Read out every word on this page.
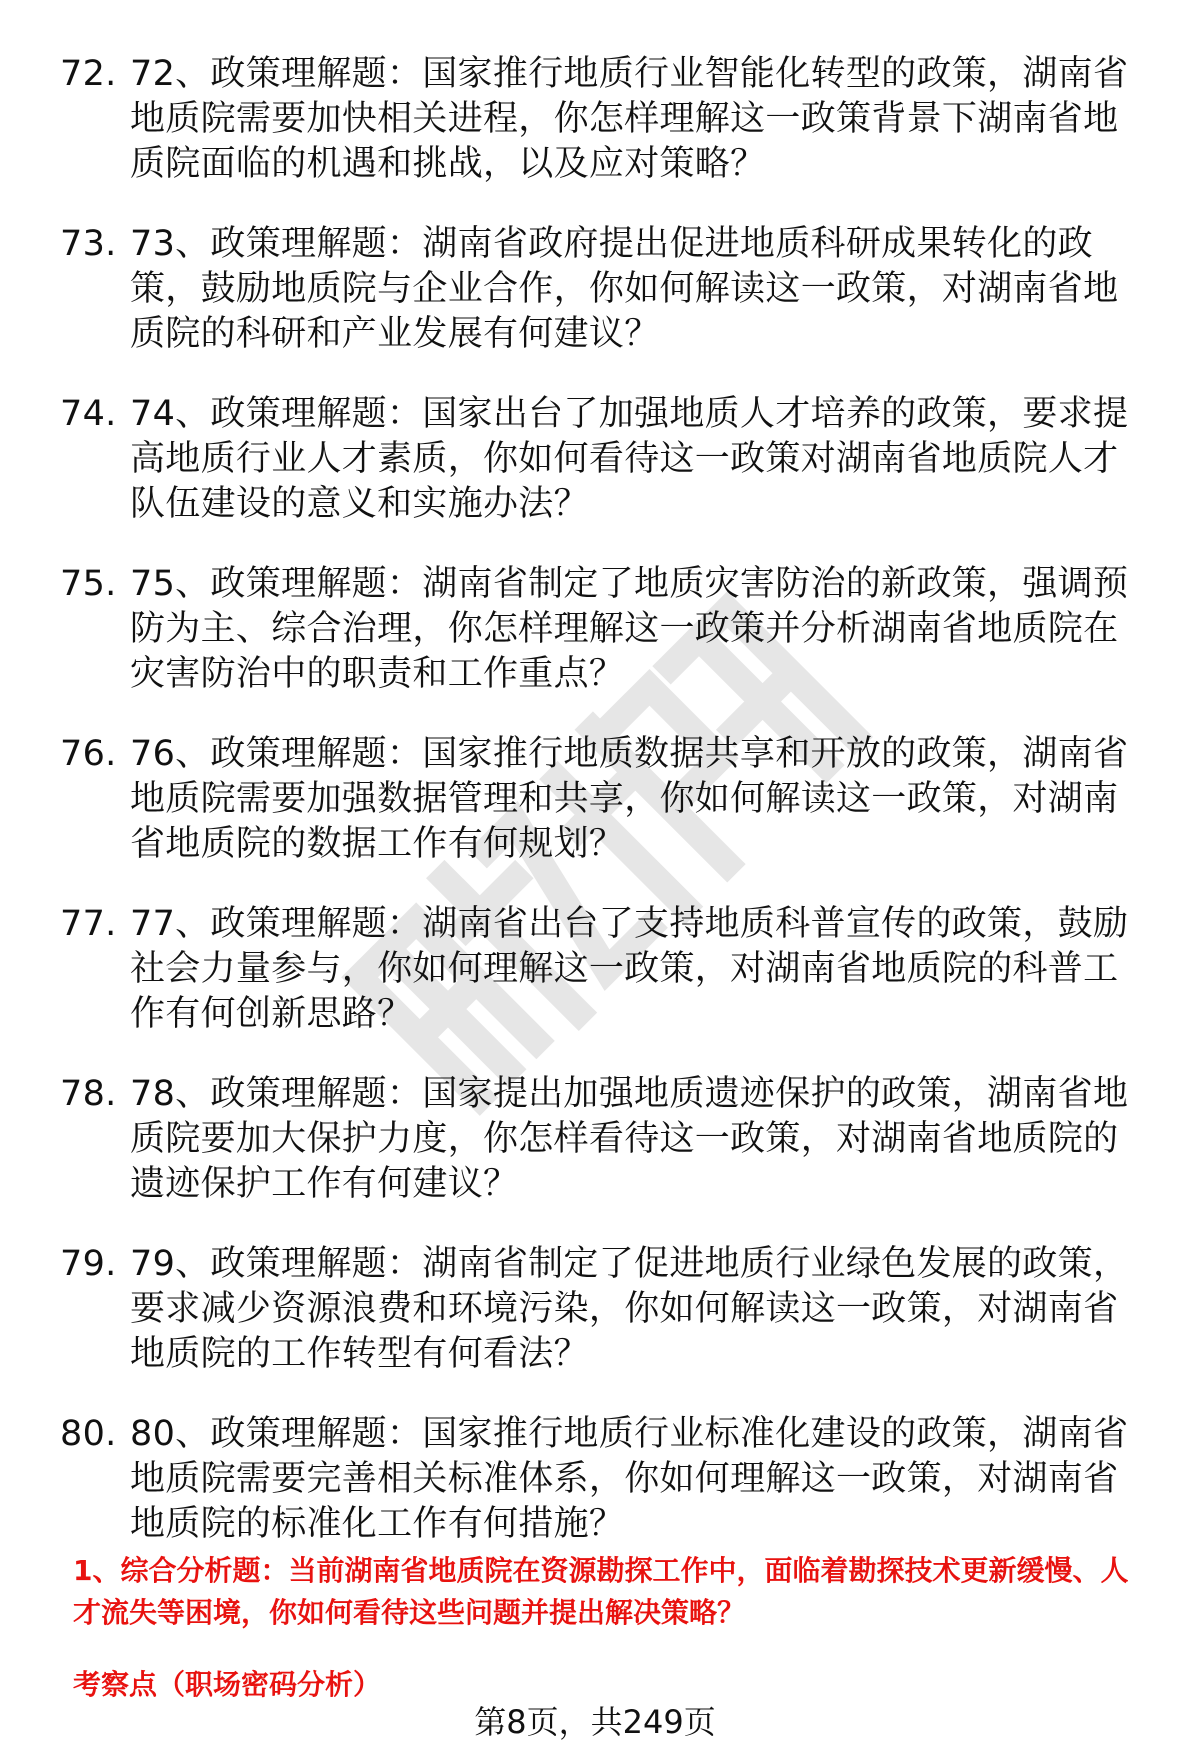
72. 72、政策理解题：国家推行地质行业智能化转型的政策，湖南省地质院需要加快相关进程，你怎样理解这一政策背景下湖南省地质院面临的机遇和挑战，以及应对策略？
73. 73、政策理解题：湖南省政府提出促进地质科研成果转化的政策，鼓励地质院与企业合作，你如何解读这一政策，对湖南省地质院的科研和产业发展有何建议？
74. 74、政策理解题：国家出台了加强地质人才培养的政策，要求提高地质行业人才素质，你如何看待这一政策对湖南省地质院人才队伍建设的意义和实施办法？
75. 75、政策理解题：湖南省制定了地质灾害防治的新政策，强调预防为主、综合治理，你怎样理解这一政策并分析湖南省地质院在灾害防治中的职责和工作重点？
76. 76、政策理解题：国家推行地质数据共享和开放的政策，湖南省地质院需要加强数据管理和共享，你如何解读这一政策，对湖南省地质院的数据工作有何规划？
77. 77、政策理解题：湖南省出台了支持地质科普宣传的政策，鼓励社会力量参与，你如何理解这一政策，对湖南省地质院的科普工作有何创新思路？
78. 78、政策理解题：国家提出加强地质遗迹保护的政策，湖南省地质院要加大保护力度，你怎样看待这一政策，对湖南省地质院的遗迹保护工作有何建议？
79. 79、政策理解题：湖南省制定了促进地质行业绿色发展的政策，要求减少资源浪费和环境污染，你如何解读这一政策，对湖南省地质院的工作转型有何看法？
80. 80、政策理解题：国家推行地质行业标准化建设的政策，湖南省地质院需要完善相关标准体系，你如何理解这一政策，对湖南省地质院的标准化工作有何措施？

1、综合分析题：当前湖南省地质院在资源勘探工作中，面临着勘探技术更新缓慢、人才流失等困境，你如何看待这些问题并提出解决策略？

考察点（职场密码分析）

第8页，共249页
